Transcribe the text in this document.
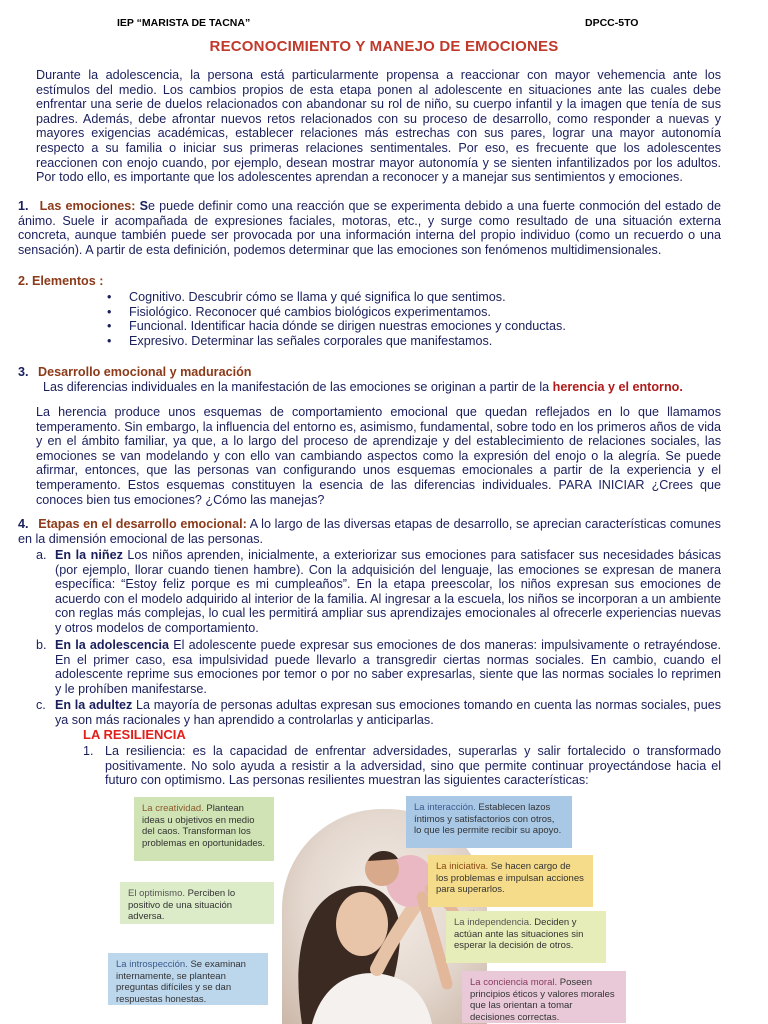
IEP “MARISTA DE TACNA”	DPCC-5TO
RECONOCIMIENTO Y MANEJO DE EMOCIONES
Durante la adolescencia, la persona está particularmente propensa a reaccionar con mayor vehemencia ante los estímulos del medio. Los cambios propios de esta etapa ponen al adolescente en situaciones ante las cuales debe enfrentar una serie de duelos relacionados con abandonar su rol de niño, su cuerpo infantil y la imagen que tenía de sus padres. Además, debe afrontar nuevos retos relacionados con su proceso de desarrollo, como responder a nuevas y mayores exigencias académicas, establecer relaciones más estrechas con sus pares, lograr una mayor autonomía respecto a su familia o iniciar sus primeras relaciones sentimentales. Por eso, es frecuente que los adolescentes reaccionen con enojo cuando, por ejemplo, desean mostrar mayor autonomía y se sienten infantilizados por los adultos. Por todo ello, es importante que los adolescentes aprendan a reconocer y a manejar sus sentimientos y emociones.
1. Las emociones: Se puede definir como una reacción que se experimenta debido a una fuerte conmoción del estado de ánimo. Suele ir acompañada de expresiones faciales, motoras, etc., y surge como resultado de una situación externa concreta, aunque también puede ser provocada por una información interna del propio individuo (como un recuerdo o una sensación). A partir de esta definición, podemos determinar que las emociones son fenómenos multidimensionales.
2. Elementos :
• Cognitivo. Descubrir cómo se llama y qué significa lo que sentimos.
• Fisiológico. Reconocer qué cambios biológicos experimentamos.
• Funcional. Identificar hacia dónde se dirigen nuestras emociones y conductas.
• Expresivo. Determinar las señales corporales que manifestamos.
3. Desarrollo emocional y maduración
Las diferencias individuales en la manifestación de las emociones se originan a partir de la herencia y el entorno.
La herencia produce unos esquemas de comportamiento emocional que quedan reflejados en lo que llamamos temperamento. Sin embargo, la influencia del entorno es, asimismo, fundamental, sobre todo en los primeros años de vida y en el ámbito familiar, ya que, a lo largo del proceso de aprendizaje y del establecimiento de relaciones sociales, las emociones se van modelando y con ello van cambiando aspectos como la expresión del enojo o la alegría. Se puede afirmar, entonces, que las personas van configurando unos esquemas emocionales a partir de la experiencia y el temperamento. Estos esquemas constituyen la esencia de las diferencias individuales. PARA INICIAR ¿Crees que conoces bien tus emociones? ¿Cómo las manejas?
4. Etapas en el desarrollo emocional: A lo largo de las diversas etapas de desarrollo, se aprecian características comunes en la dimensión emocional de las personas.
a. En la niñez Los niños aprenden, inicialmente, a exteriorizar sus emociones para satisfacer sus necesidades básicas (por ejemplo, llorar cuando tienen hambre). Con la adquisición del lenguaje, las emociones se expresan de manera específica: “Estoy feliz porque es mi cumpleaños”. En la etapa preescolar, los niños expresan sus emociones de acuerdo con el modelo adquirido al interior de la familia. Al ingresar a la escuela, los niños se incorporan a un ambiente con reglas más complejas, lo cual les permitirá ampliar sus aprendizajes emocionales al ofrecerle experiencias nuevas y otros modelos de comportamiento.
b. En la adolescencia El adolescente puede expresar sus emociones de dos maneras: impulsivamente o retrayéndose. En el primer caso, esa impulsividad puede llevarlo a transgredir ciertas normas sociales. En cambio, cuando el adolescente reprime sus emociones por temor o por no saber expresarlas, siente que las normas sociales lo reprimen y le prohíben manifestarse.
c. En la adultez La mayoría de personas adultas expresan sus emociones tomando en cuenta las normas sociales, pues ya son más racionales y han aprendido a controlarlas y anticiparlas.
LA RESILIENCIA
1. La resiliencia: es la capacidad de enfrentar adversidades, superarlas y salir fortalecido o transformado positivamente. No solo ayuda a resistir a la adversidad, sino que permite continuar proyectándose hacia el futuro con optimismo. Las personas resilientes muestran las siguientes características:
La creatividad. Plantean ideas u objetivos en medio del caos. Transforman los problemas en oportunidades.
El optimismo. Perciben lo positivo de una situación adversa.
La introspección. Se examinan internamente, se plantean preguntas difíciles y se dan respuestas honestas.
La interacción. Establecen lazos íntimos y satisfactorios con otros, lo que les permite recibir su apoyo.
La iniciativa. Se hacen cargo de los problemas e impulsan acciones para superarlos.
La independencia. Deciden y actúan ante las situaciones sin esperar la decisión de otros.
La conciencia moral. Poseen principios éticos y valores morales que las orientan a tomar decisiones correctas.
